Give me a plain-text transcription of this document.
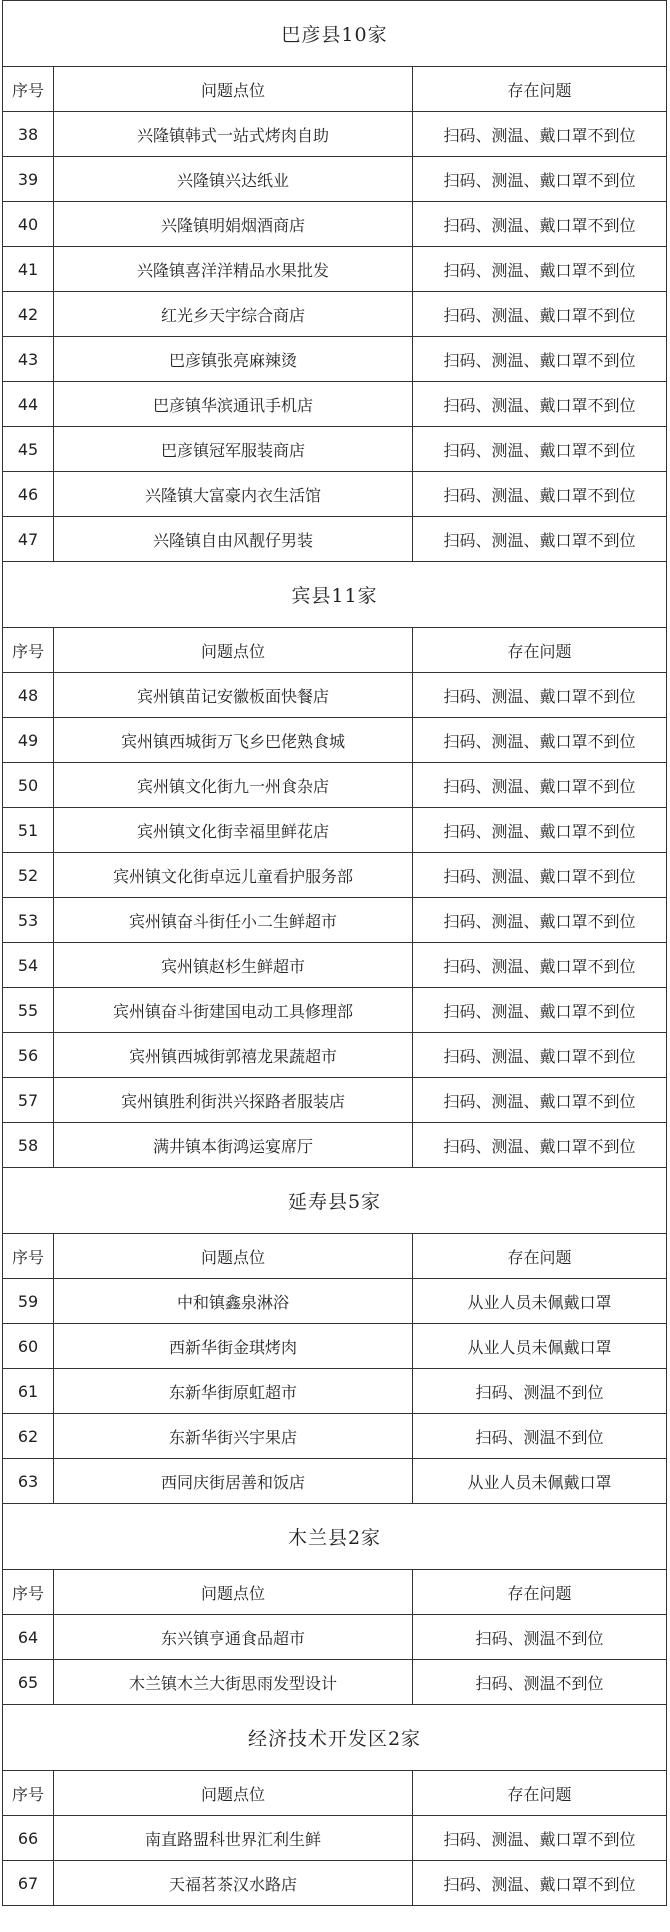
巴彦县10家		
序号	问题点位	存在问题
38	兴隆镇韩式一站式烤肉自助	扫码、测温、戴口罩不到位
39	兴隆镇兴达纸业	扫码、测温、戴口罩不到位
40	兴隆镇明娟烟酒商店	扫码、测温、戴口罩不到位
41	兴隆镇喜洋洋精品水果批发	扫码、测温、戴口罩不到位
42	红光乡天宇综合商店	扫码、测温、戴口罩不到位
43	巴彦镇张亮麻辣烫	扫码、测温、戴口罩不到位
44	巴彦镇华滨通讯手机店	扫码、测温、戴口罩不到位
45	巴彦镇冠军服装商店	扫码、测温、戴口罩不到位
46	兴隆镇大富豪内衣生活馆	扫码、测温、戴口罩不到位
47	兴隆镇自由风靓仔男装	扫码、测温、戴口罩不到位
宾县11家		
序号	问题点位	存在问题
48	宾州镇苗记安徽板面快餐店	扫码、测温、戴口罩不到位
49	宾州镇西城街万飞乡巴佬熟食城	扫码、测温、戴口罩不到位
50	宾州镇文化街九一州食杂店	扫码、测温、戴口罩不到位
51	宾州镇文化街幸福里鲜花店	扫码、测温、戴口罩不到位
52	宾州镇文化街卓远儿童看护服务部	扫码、测温、戴口罩不到位
53	宾州镇奋斗街任小二生鲜超市	扫码、测温、戴口罩不到位
54	宾州镇赵杉生鲜超市	扫码、测温、戴口罩不到位
55	宾州镇奋斗街建国电动工具修理部	扫码、测温、戴口罩不到位
56	宾州镇西城街郭禧龙果蔬超市	扫码、测温、戴口罩不到位
57	宾州镇胜利街洪兴探路者服装店	扫码、测温、戴口罩不到位
58	满井镇本街鸿运宴席厅	扫码、测温、戴口罩不到位
延寿县5家		
序号	问题点位	存在问题
59	中和镇鑫泉淋浴	从业人员未佩戴口罩
60	西新华街金琪烤肉	从业人员未佩戴口罩
61	东新华街原虹超市	扫码、测温不到位
62	东新华街兴宇果店	扫码、测温不到位
63	西同庆街居善和饭店	从业人员未佩戴口罩
木兰县2家		
序号	问题点位	存在问题
64	东兴镇亨通食品超市	扫码、测温不到位
65	木兰镇木兰大街思雨发型设计	扫码、测温不到位
经济技术开发区2家		
序号	问题点位	存在问题
66	南直路盟科世界汇利生鲜	扫码、测温、戴口罩不到位
67	天福茗茶汉水路店	扫码、测温、戴口罩不到位
